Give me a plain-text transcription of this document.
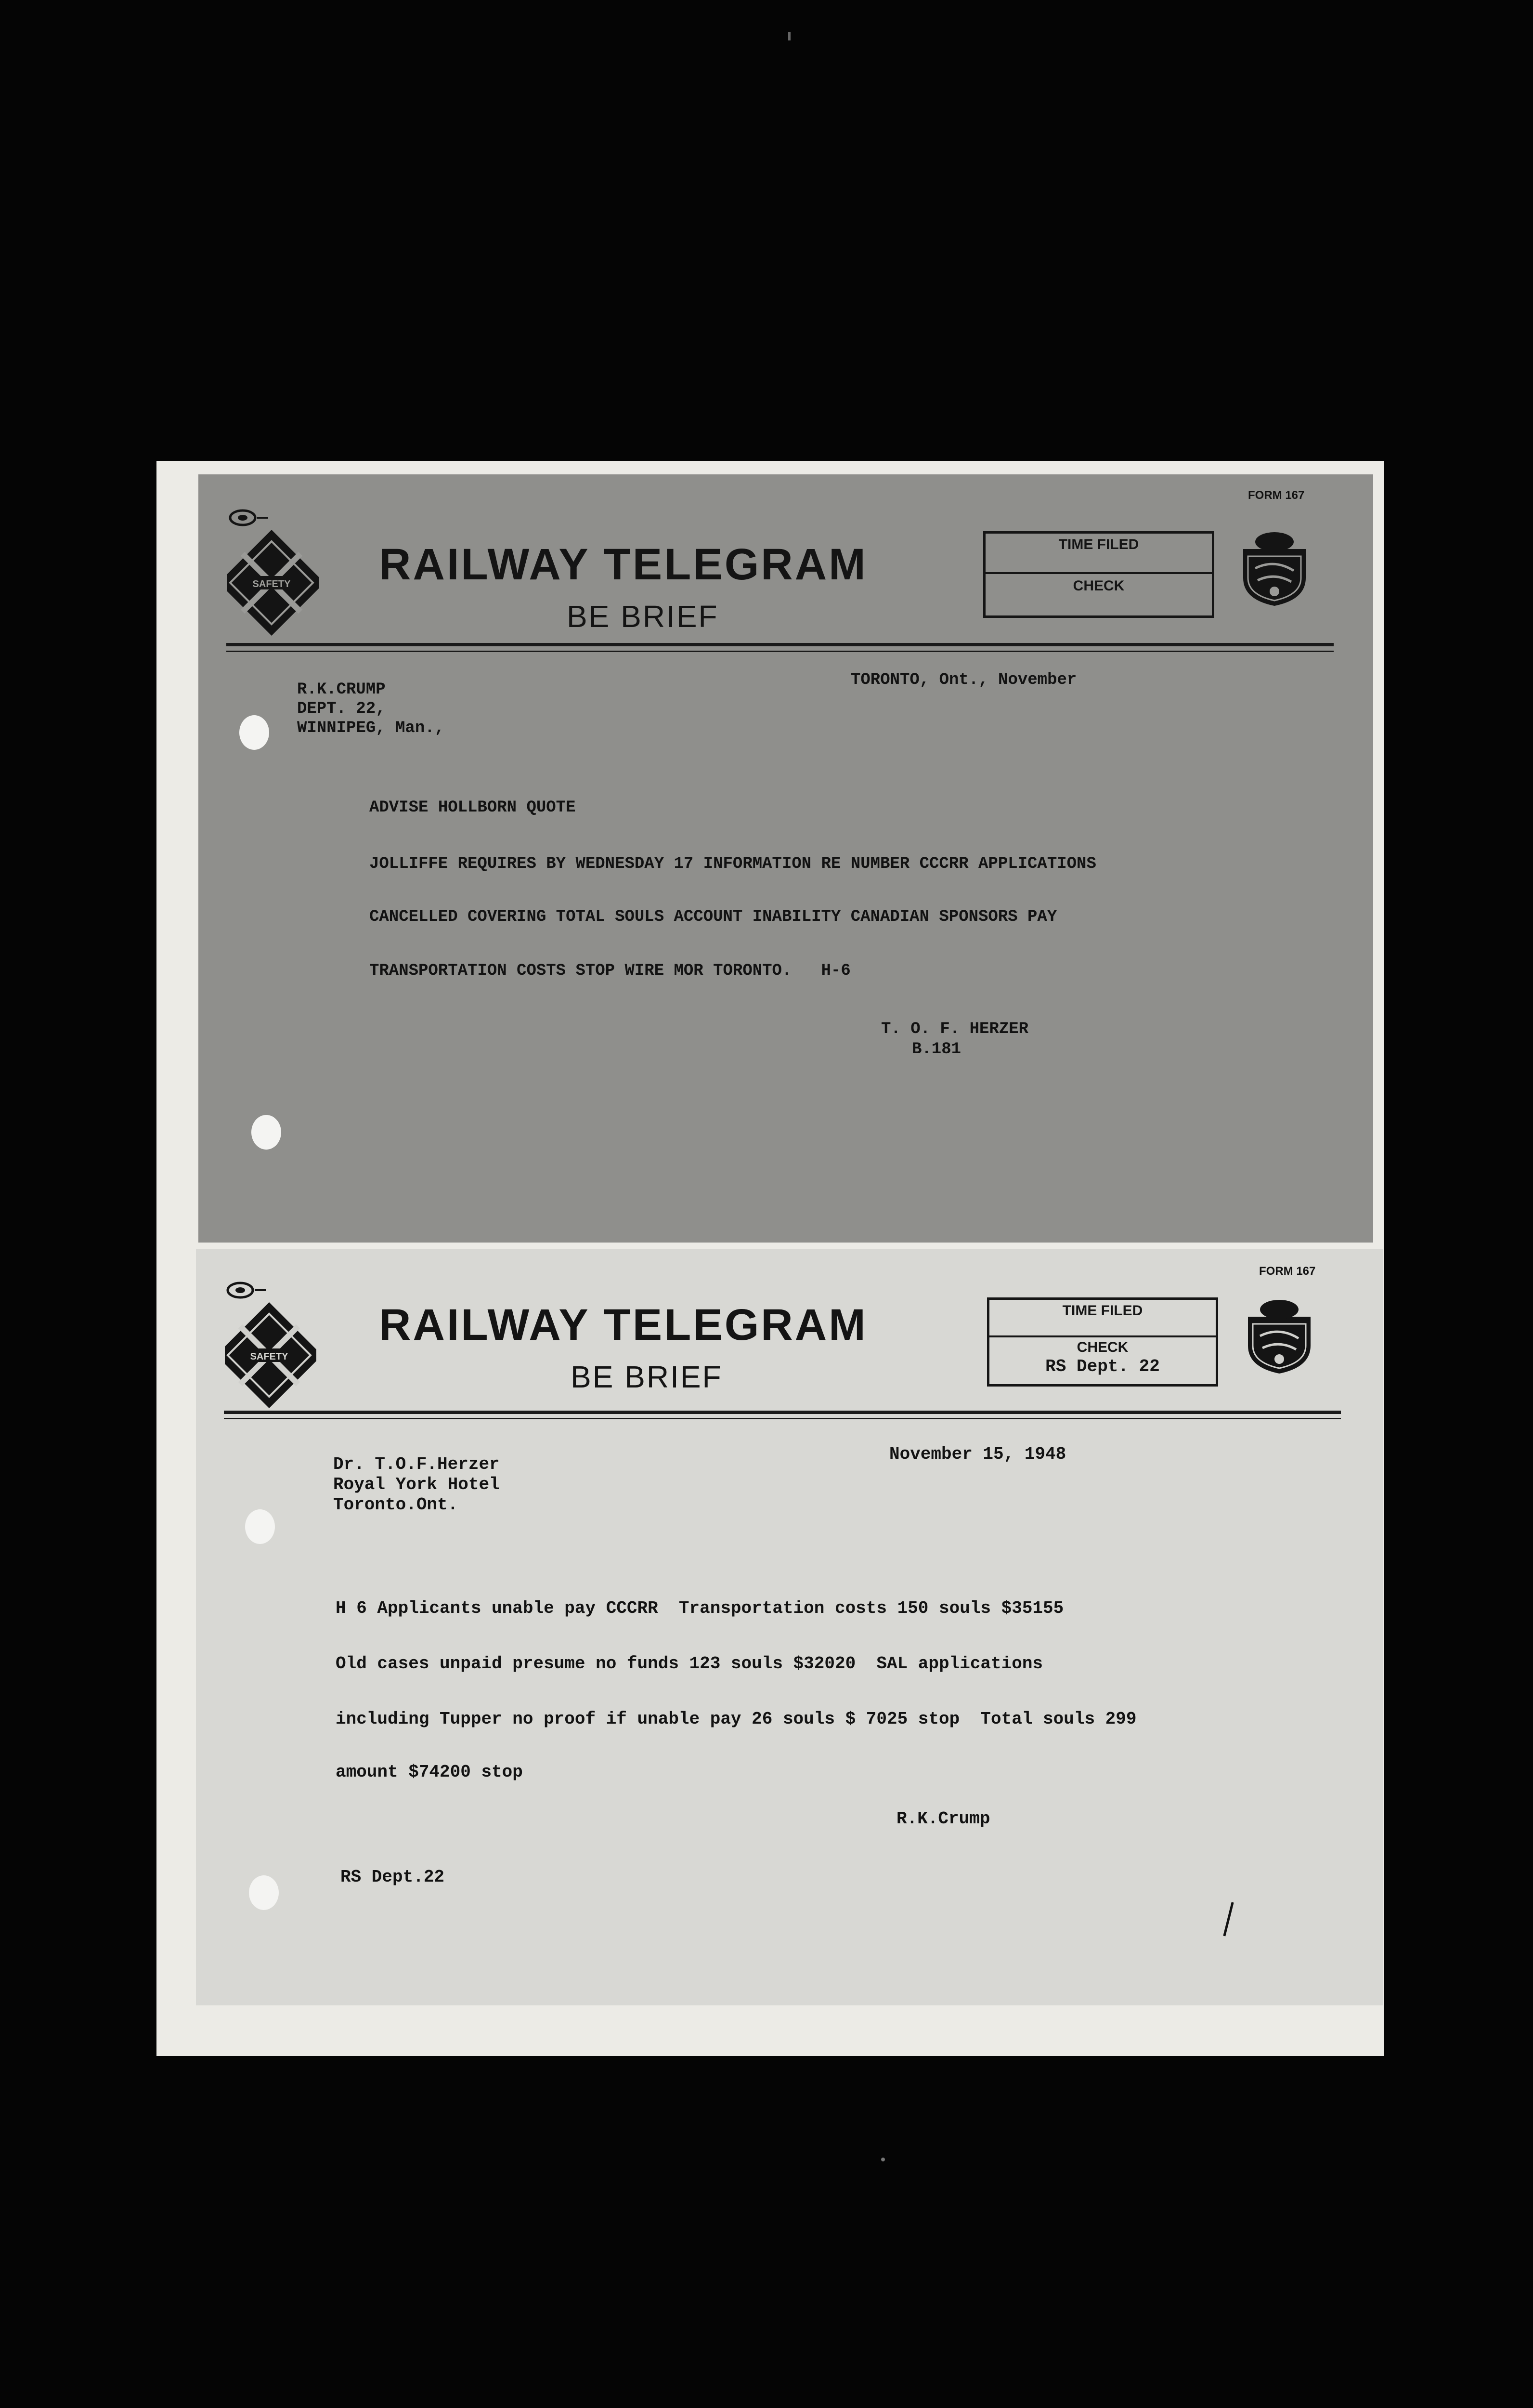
SAFETY RAILWAY TELEGRAM
BE BRIEF
FORM 167
TIME FILED
CHECK
R.K.CRUMP
DEPT. 22,
WINNIPEG, Man.,
TORONTO, Ont., November
ADVISE HOLLBORN QUOTE
JOLLIFFE REQUIRES BY WEDNESDAY 17 INFORMATION RE NUMBER CCCRR APPLICATIONS
CANCELLED COVERING TOTAL SOULS ACCOUNT INABILITY CANADIAN SPONSORS PAY
TRANSPORTATION COSTS STOP WIRE MOR TORONTO.   H-6
T. O. F. HERZER
B.181
SAFETY
RAILWAY TELEGRAM
BE BRIEF
FORM 167
TIME FILED
CHECK
RS Dept. 22
Dr. T.O.F.Herzer
Royal York Hotel
Toronto.Ont.
November 15, 1948
H 6 Applicants unable pay CCCRR  Transportation costs 150 souls $35155
Old cases unpaid presume no funds 123 souls $32020  SAL applications
including Tupper no proof if unable pay 26 souls $ 7025 stop  Total souls 299
amount $74200 stop
R.K.Crump
RS Dept.22
